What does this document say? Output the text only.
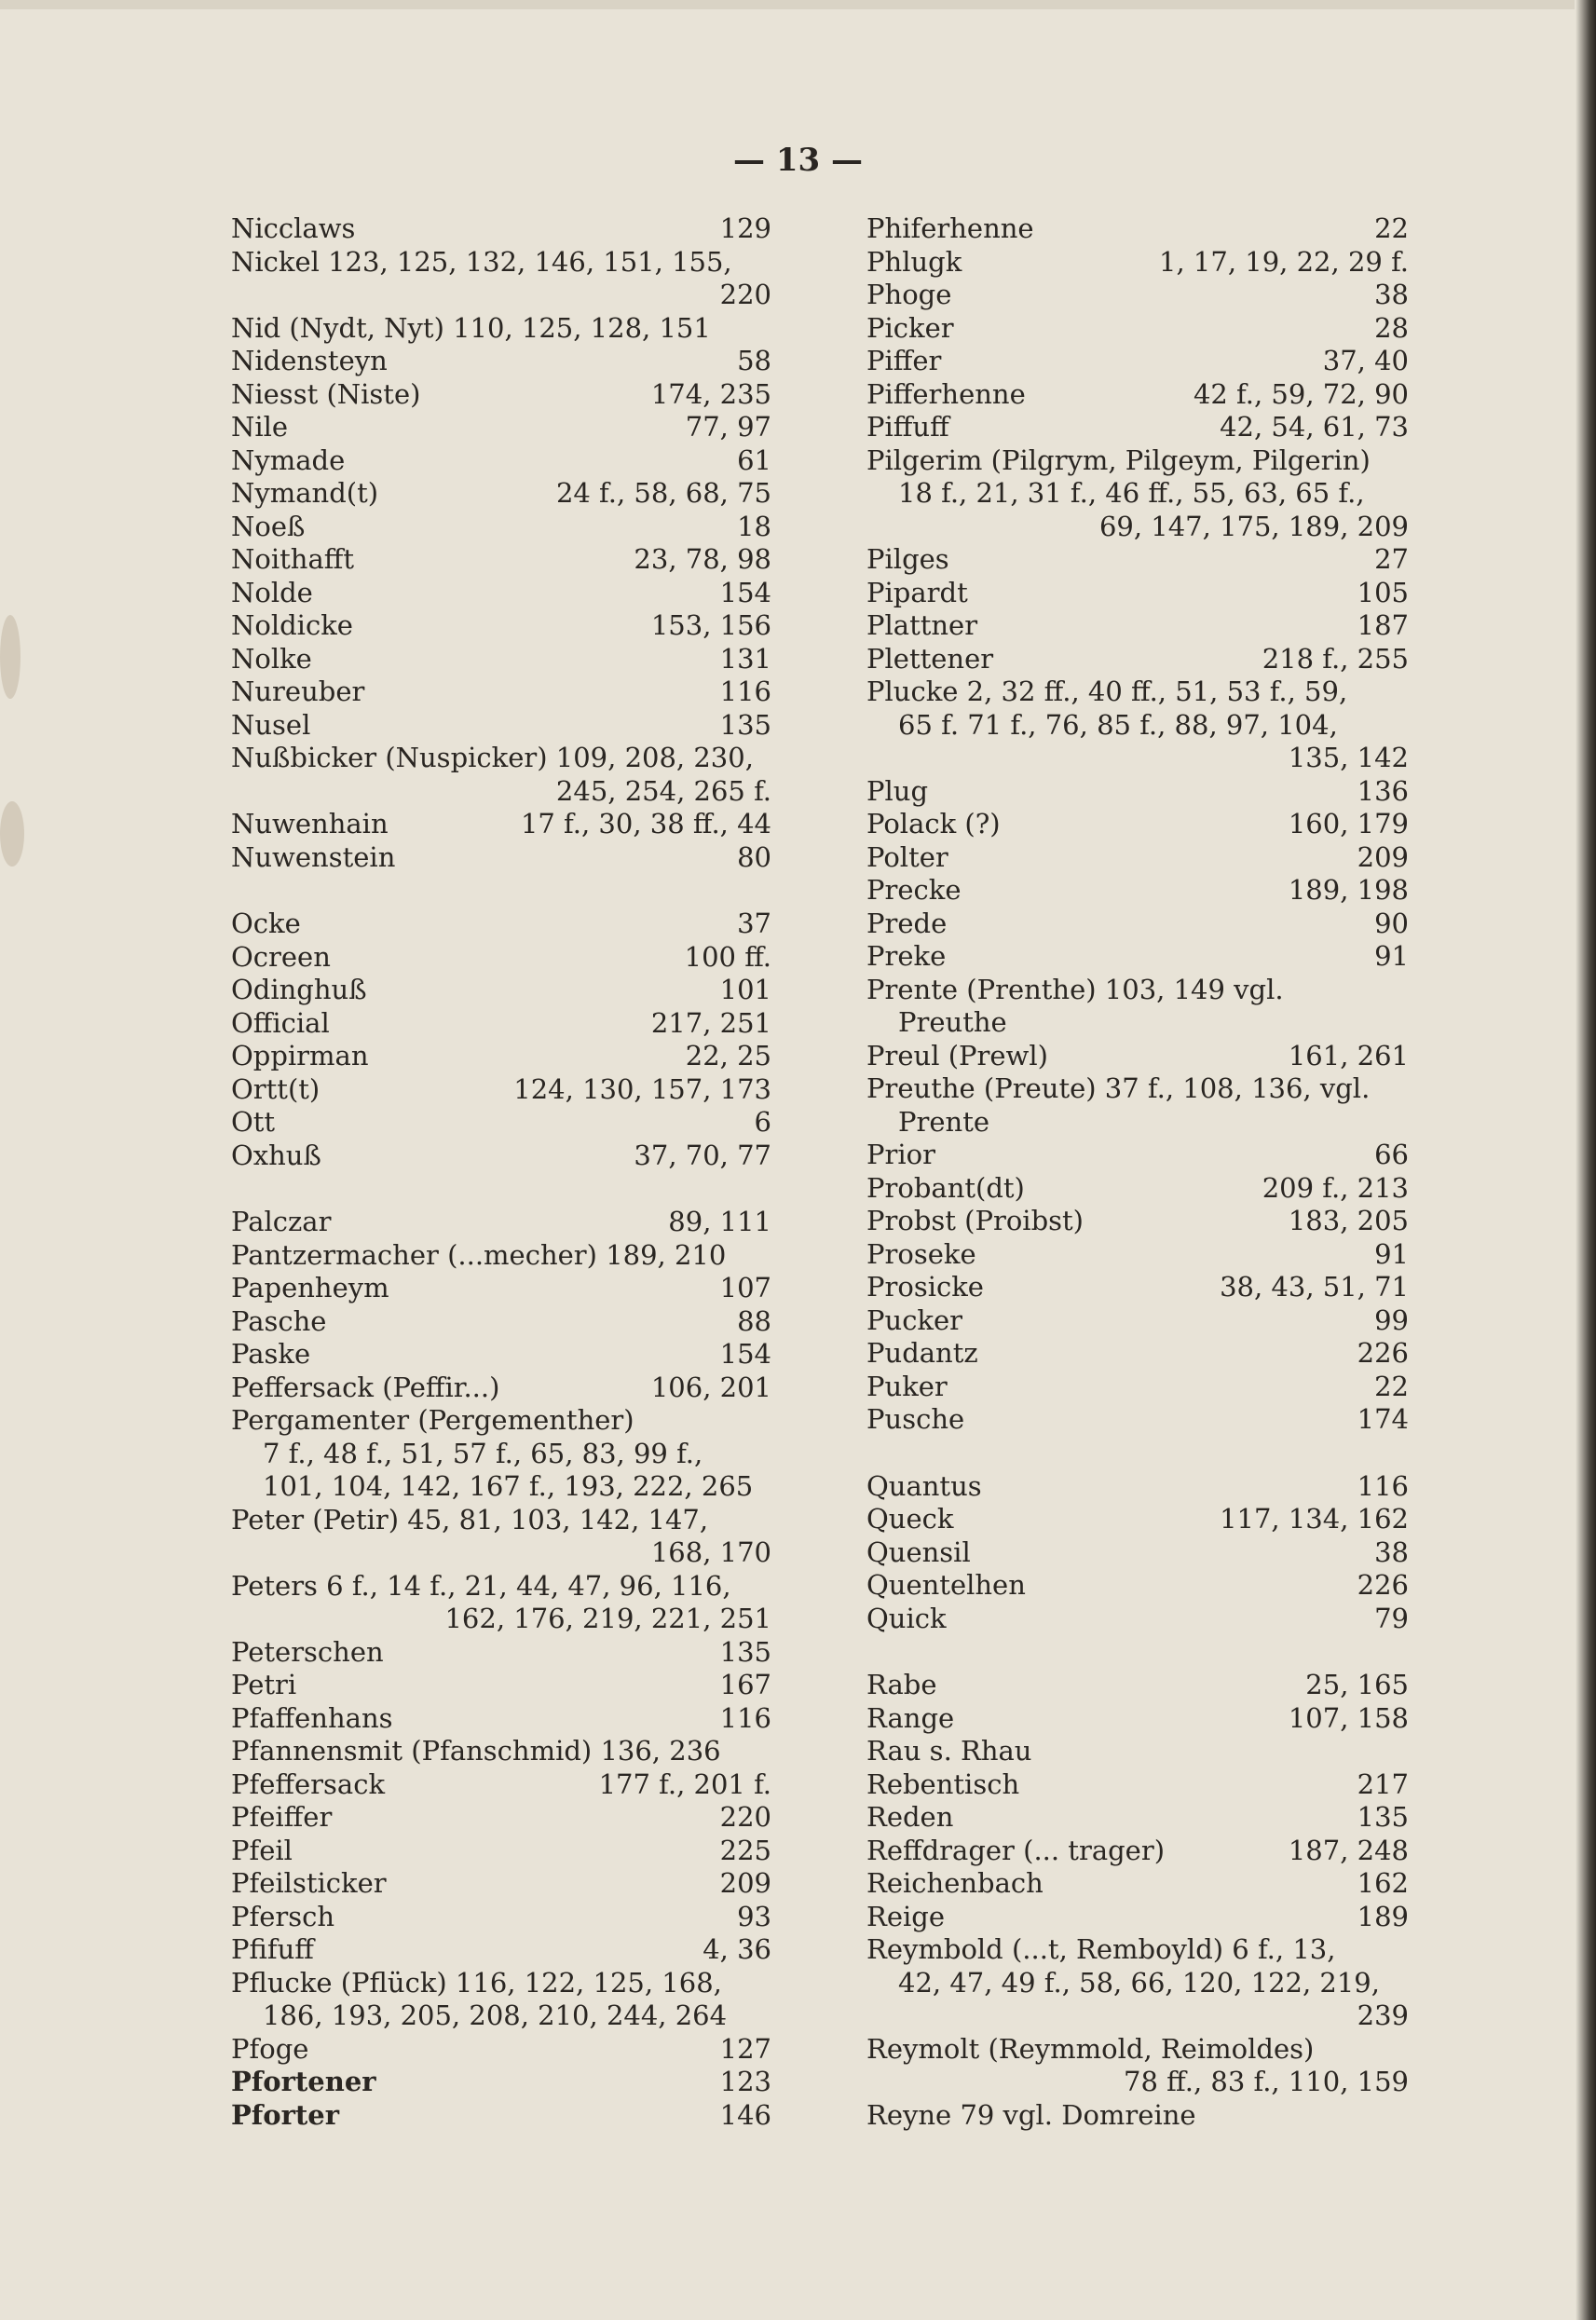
— 13 —
Nicclaws	129
Nickel 123, 125, 132, 146, 151, 155,
220
Nid (Nydt, Nyt) 110, 125, 128, 151
Nidensteyn	58
Niesst (Niste)	174, 235
Nile	77, 97
Nymade	61
Nymand(t)	24 f., 58, 68, 75
Noeß	18
Noithafft	23, 78, 98
Nolde	154
Noldicke	153, 156
Nolke	131
Nureuber	116
Nusel	135
Nußbicker (Nuspicker) 109, 208, 230,
245, 254, 265 f.
Nuwenhain	17 f., 30, 38 ff., 44
Nuwenstein	80
Ocke	37
Ocreen	100 ff.
Odinghuß	101
Official	217, 251
Oppirman	22, 25
Ortt(t)	124, 130, 157, 173
Ott	6
Oxhuß	37, 70, 77
Palczar	89, 111
Pantzermacher (...mecher) 189, 210
Papenheym	107
Pasche	88
Paske	154
Peffersack (Peffir...)	106, 201
Pergamenter (Pergementher)
7 f., 48 f., 51, 57 f., 65, 83, 99 f.,
101, 104, 142, 167 f., 193, 222, 265
Peter (Petir) 45, 81, 103, 142, 147,
168, 170
Peters 6 f., 14 f., 21, 44, 47, 96, 116,
162, 176, 219, 221, 251
Peterschen	135
Petri	167
Pfaffenhans	116
Pfannensmit (Pfanschmid) 136, 236
Pfeffersack	177 f., 201 f.
Pfeiffer	220
Pfeil	225
Pfeilsticker	209
Pfersch	93
Pfifuff	4, 36
Pflucke (Pflück) 116, 122, 125, 168,
186, 193, 205, 208, 210, 244, 264
Pfoge	127
Pfortener	123
Pforter	146
Phiferhenne	22
Phlugk	1, 17, 19, 22, 29 f.
Phoge	38
Picker	28
Piffer	37, 40
Pifferhenne	42 f., 59, 72, 90
Piffuff	42, 54, 61, 73
Pilgerim (Pilgrym, Pilgeym, Pilgerin)
18 f., 21, 31 f., 46 ff., 55, 63, 65 f.,
69, 147, 175, 189, 209
Pilges	27
Pipardt	105
Plattner	187
Plettener	218 f., 255
Plucke 2, 32 ff., 40 ff., 51, 53 f., 59,
65 f. 71 f., 76, 85 f., 88, 97, 104,
135, 142
Plug	136
Polack (?)	160, 179
Polter	209
Precke	189, 198
Prede	90
Preke	91
Prente (Prenthe) 103, 149 vgl.
Preuthe
Preul (Prewl)	161, 261
Preuthe (Preute) 37 f., 108, 136, vgl.
Prente
Prior	66
Probant(dt)	209 f., 213
Probst (Proibst)	183, 205
Proseke	91
Prosicke	38, 43, 51, 71
Pucker	99
Pudantz	226
Puker	22
Pusche	174
Quantus	116
Queck	117, 134, 162
Quensil	38
Quentelhen	226
Quick	79
Rabe	25, 165
Range	107, 158
Rau s. Rhau
Rebentisch	217
Reden	135
Reffdrager (... trager)	187, 248
Reichenbach	162
Reige	189
Reymbold (...t, Remboyld) 6 f., 13,
42, 47, 49 f., 58, 66, 120, 122, 219,
239
Reymolt (Reymmold, Reimoldes)
78 ff., 83 f., 110, 159
Reyne 79 vgl. Domreine
